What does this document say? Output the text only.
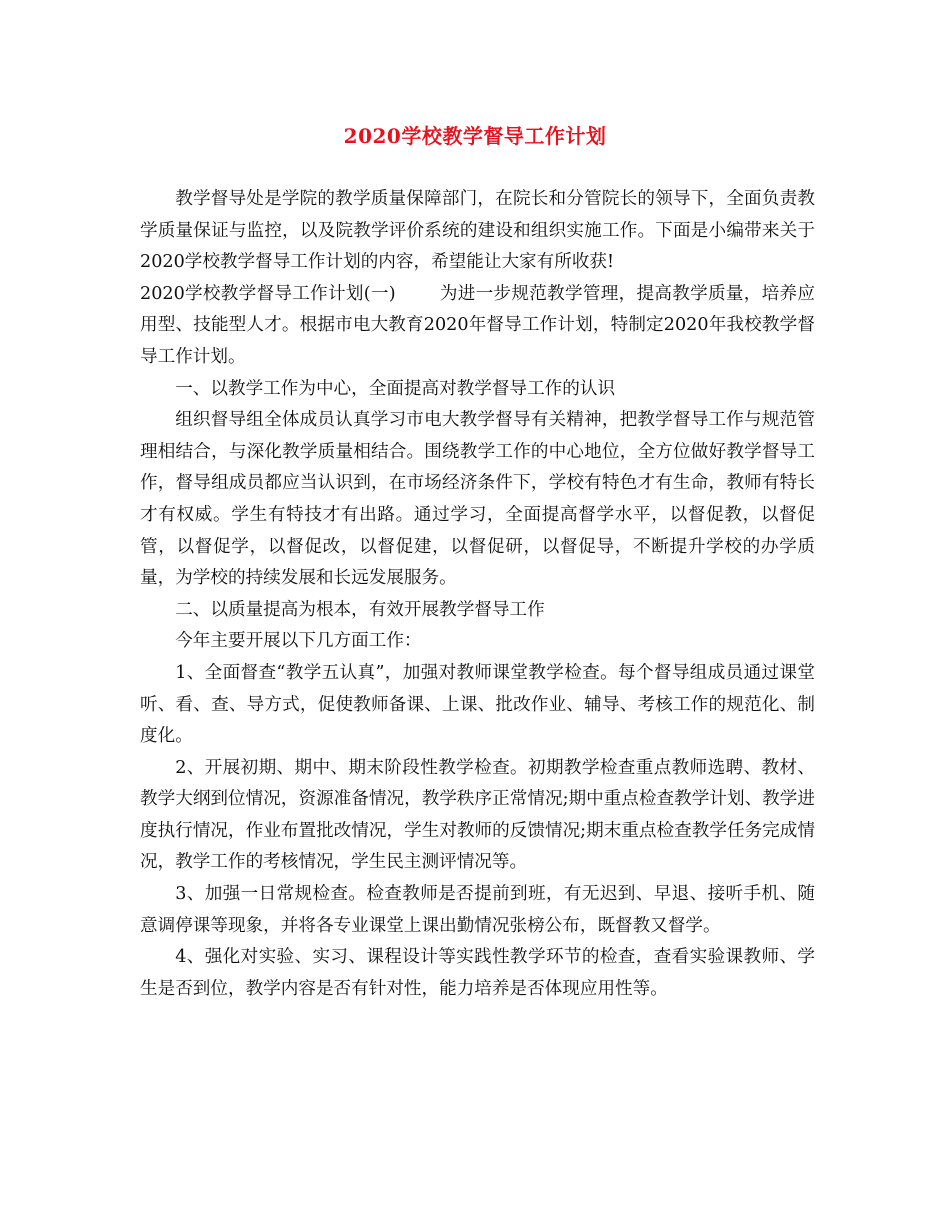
2020学校教学督导工作计划

教学督导处是学院的教学质量保障部门，在院长和分管院长的领导下，全面负责教学质量保证与监控，以及院教学评价系统的建设和组织实施工作。下面是小编带来关于2020学校教学督导工作计划的内容，希望能让大家有所收获!

2020学校教学督导工作计划(一)	为进一步规范教学管理，提高教学质量，培养应用型、技能型人才。根据市电大教育2020年督导工作计划，特制定2020年我校教学督导工作计划。

一、以教学工作为中心，全面提高对教学督导工作的认识

组织督导组全体成员认真学习市电大教学督导有关精神，把教学督导工作与规范管理相结合，与深化教学质量相结合。围绕教学工作的中心地位，全方位做好教学督导工作，督导组成员都应当认识到，在市场经济条件下，学校有特色才有生命，教师有特长才有权威。学生有特技才有出路。通过学习，全面提高督学水平，以督促教，以督促管，以督促学，以督促改，以督促建，以督促研，以督促导，不断提升学校的办学质量，为学校的持续发展和长远发展服务。

二、以质量提高为根本，有效开展教学督导工作

今年主要开展以下几方面工作：

1、全面督查“教学五认真”，加强对教师课堂教学检查。每个督导组成员通过课堂听、看、查、导方式，促使教师备课、上课、批改作业、辅导、考核工作的规范化、制度化。

2、开展初期、期中、期末阶段性教学检查。初期教学检查重点教师选聘、教材、教学大纲到位情况，资源准备情况，教学秩序正常情况;期中重点检查教学计划、教学进度执行情况，作业布置批改情况，学生对教师的反馈情况;期末重点检查教学任务完成情况，教学工作的考核情况，学生民主测评情况等。

3、加强一日常规检查。检查教师是否提前到班，有无迟到、早退、接听手机、随意调停课等现象，并将各专业课堂上课出勤情况张榜公布，既督教又督学。

4、强化对实验、实习、课程设计等实践性教学环节的检查，查看实验课教师、学生是否到位，教学内容是否有针对性，能力培养是否体现应用性等。
